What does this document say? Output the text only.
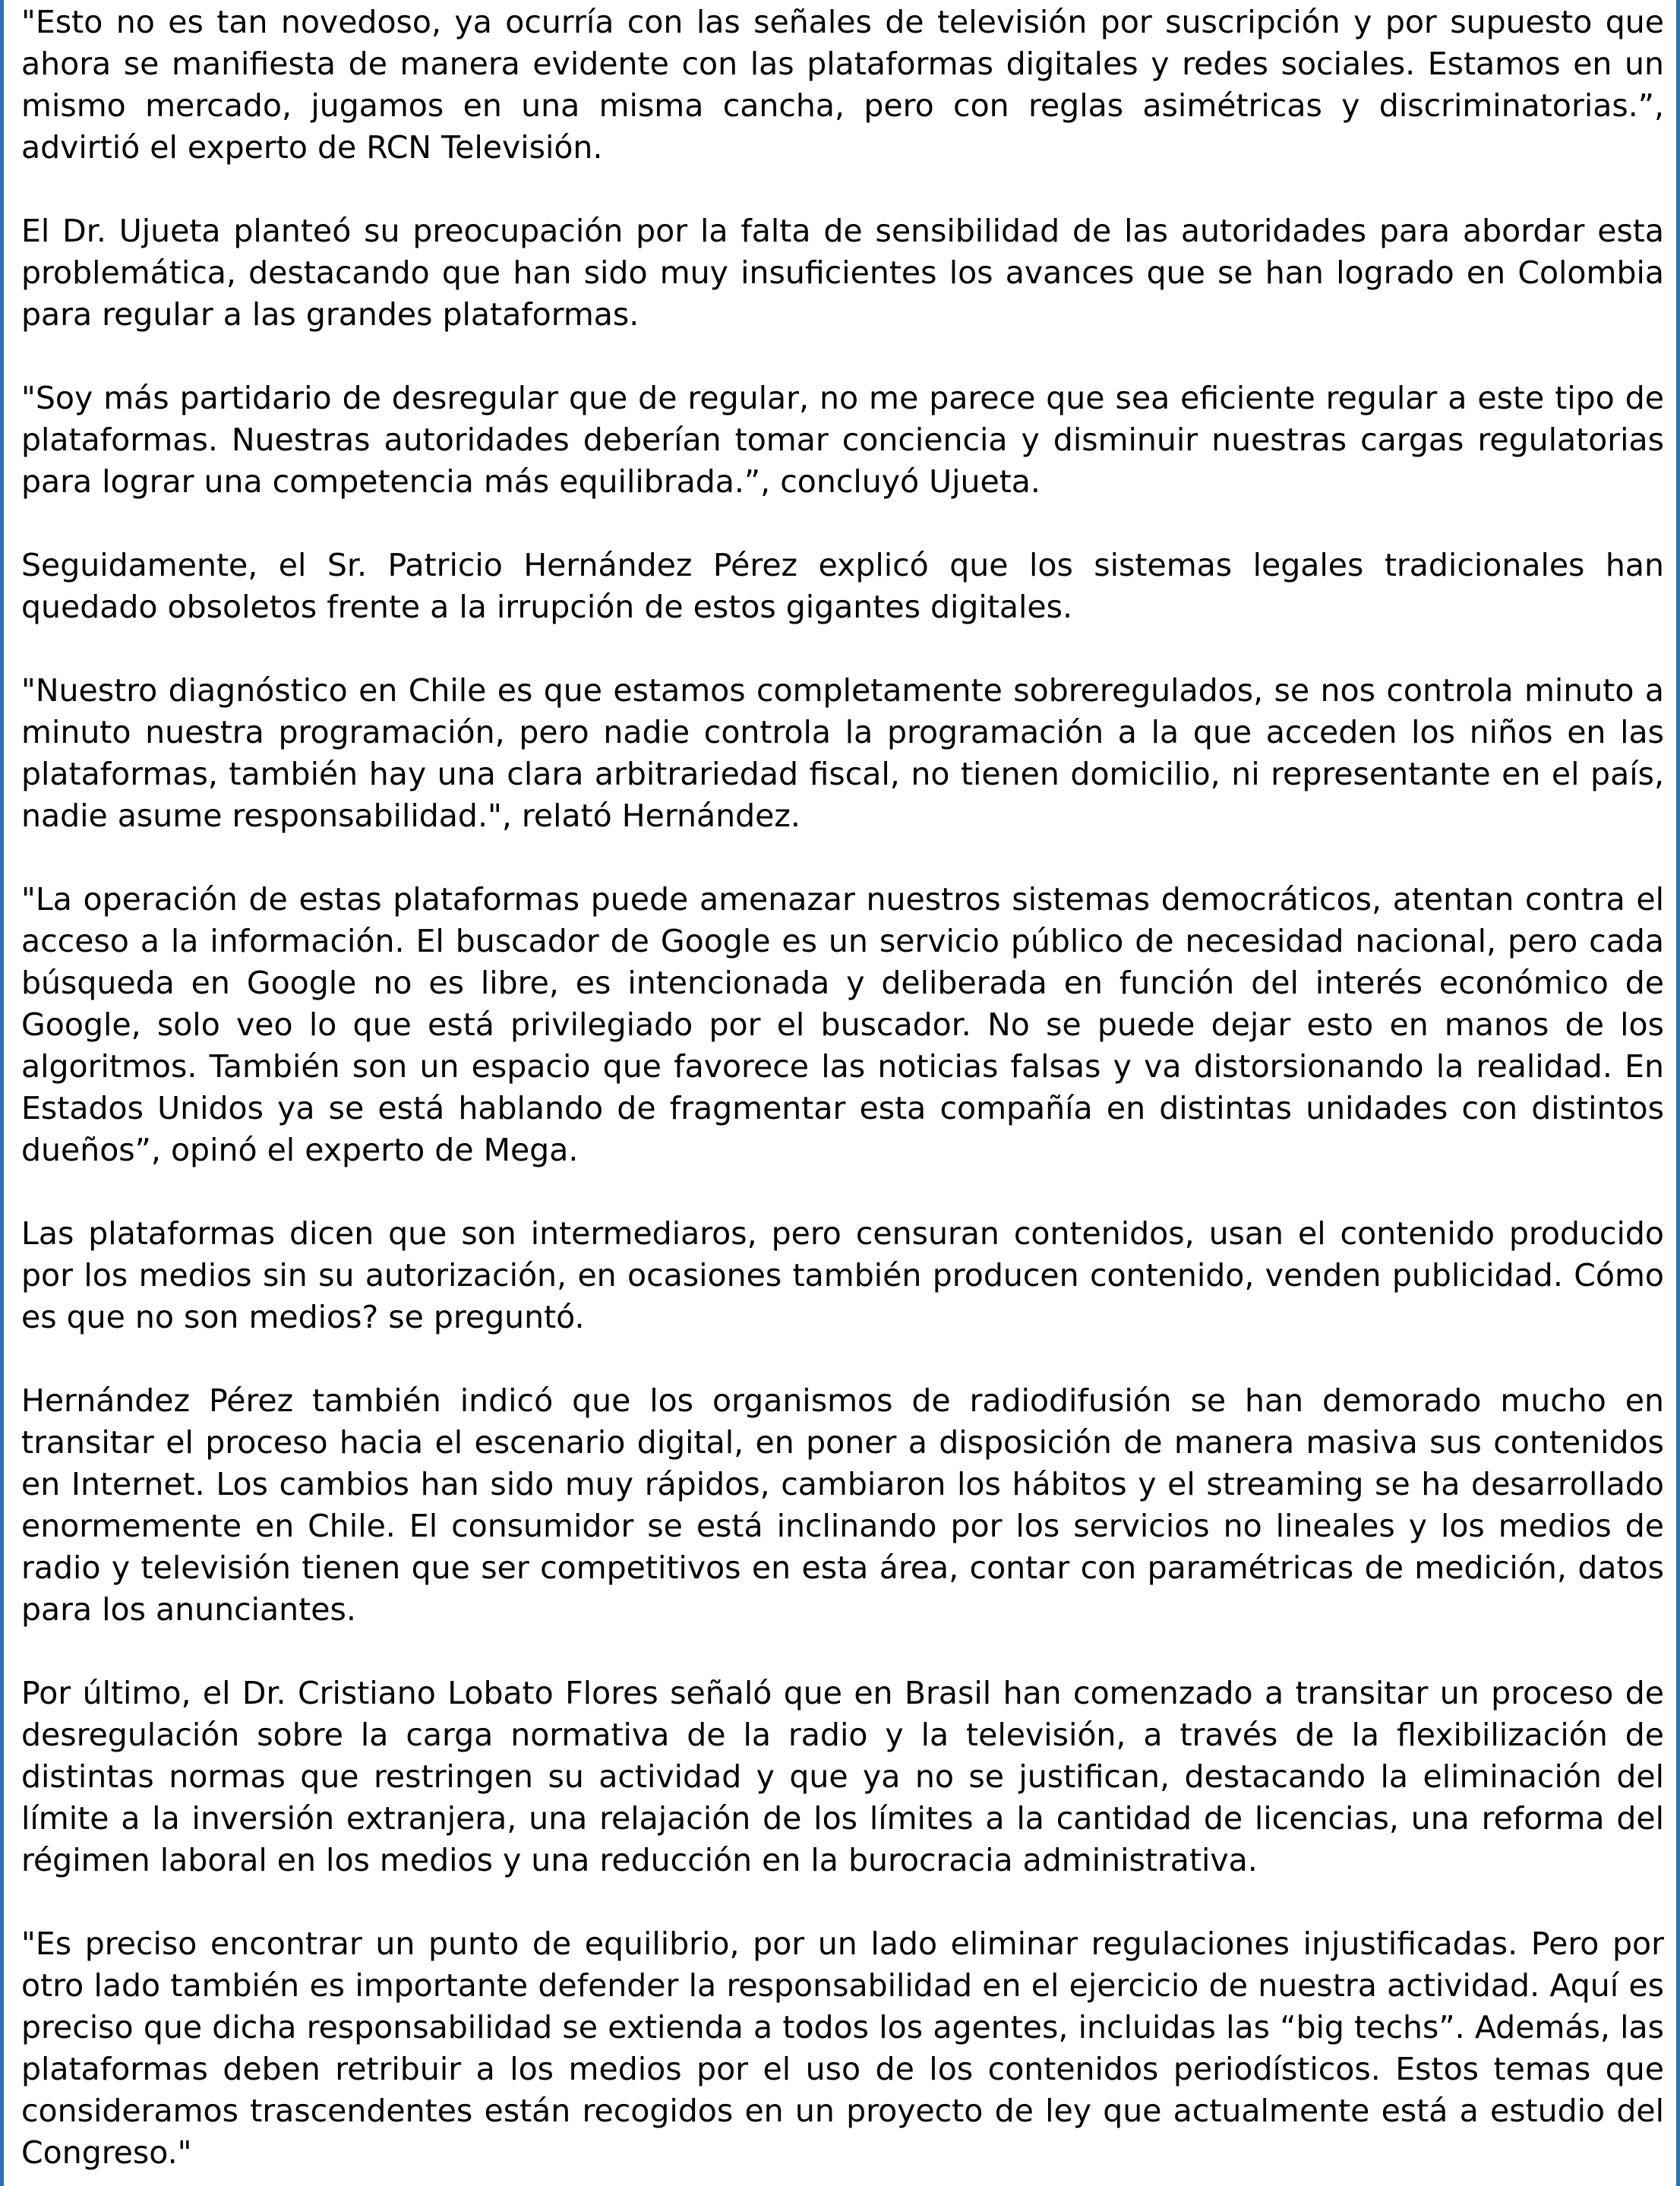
"Esto no es tan novedoso, ya ocurría con las señales de televisión por suscripción y por supuesto que ahora se manifiesta de manera evidente con las plataformas digitales y redes sociales. Estamos en un mismo mercado, jugamos en una misma cancha, pero con reglas asimétricas y discriminatorias.”, advirtió el experto de RCN Televisión.

El Dr. Ujueta planteó su preocupación por la falta de sensibilidad de las autoridades para abordar esta problemática, destacando que han sido muy insuficientes los avances que se han logrado en Colombia para regular a las grandes plataformas.

"Soy más partidario de desregular que de regular, no me parece que sea eficiente regular a este tipo de plataformas. Nuestras autoridades deberían tomar conciencia y disminuir nuestras cargas regulatorias para lograr una competencia más equilibrada.”, concluyó Ujueta.

Seguidamente, el Sr. Patricio Hernández Pérez explicó que los sistemas legales tradicionales han quedado obsoletos frente a la irrupción de estos gigantes digitales.

"Nuestro diagnóstico en Chile es que estamos completamente sobreregulados, se nos controla minuto a minuto nuestra programación, pero nadie controla la programación a la que acceden los niños en las plataformas, también hay una clara arbitrariedad fiscal, no tienen domicilio, ni representante en el país, nadie asume responsabilidad.", relató Hernández.

"La operación de estas plataformas puede amenazar nuestros sistemas democráticos, atentan contra el acceso a la información. El buscador de Google es un servicio público de necesidad nacional, pero cada búsqueda en Google no es libre, es intencionada y deliberada en función del interés económico de Google, solo veo lo que está privilegiado por el buscador. No se puede dejar esto en manos de los algoritmos. También son un espacio que favorece las noticias falsas y va distorsionando la realidad. En Estados Unidos ya se está hablando de fragmentar esta compañía en distintas unidades con distintos dueños”, opinó el experto de Mega.

Las plataformas dicen que son intermediaros, pero censuran contenidos, usan el contenido producido por los medios sin su autorización, en ocasiones también producen contenido, venden publicidad. Cómo es que no son medios? se preguntó.

Hernández Pérez también indicó que los organismos de radiodifusión se han demorado mucho en transitar el proceso hacia el escenario digital, en poner a disposición de manera masiva sus contenidos en Internet. Los cambios han sido muy rápidos, cambiaron los hábitos y el streaming se ha desarrollado enormemente en Chile. El consumidor se está inclinando por los servicios no lineales y los medios de radio y televisión tienen que ser competitivos en esta área, contar con paramétricas de medición, datos para los anunciantes.

Por último, el Dr. Cristiano Lobato Flores señaló que en Brasil han comenzado a transitar un proceso de desregulación sobre la carga normativa de la radio y la televisión, a través de la flexibilización de distintas normas que restringen su actividad y que ya no se justifican, destacando la eliminación del límite a la inversión extranjera, una relajación de los límites a la cantidad de licencias, una reforma del régimen laboral en los medios y una reducción en la burocracia administrativa.

"Es preciso encontrar un punto de equilibrio, por un lado eliminar regulaciones injustificadas. Pero por otro lado también es importante defender la responsabilidad en el ejercicio de nuestra actividad. Aquí es preciso que dicha responsabilidad se extienda a todos los agentes, incluidas las “big techs”. Además, las plataformas deben retribuir a los medios por el uso de los contenidos periodísticos. Estos temas que consideramos trascendentes están recogidos en un proyecto de ley que actualmente está a estudio del Congreso."
